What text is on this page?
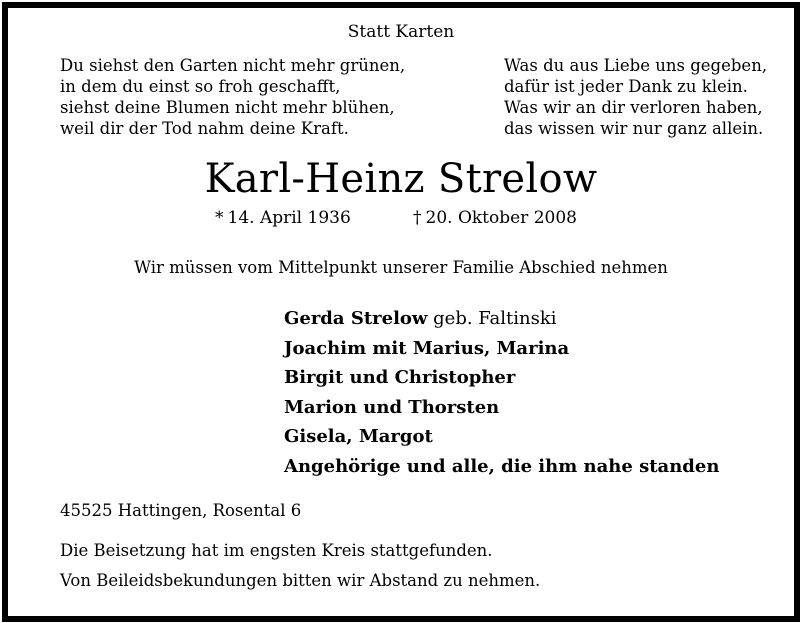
Statt Karten
Du siehst den Garten nicht mehr grünen,
in dem du einst so froh geschafft,
siehst deine Blumen nicht mehr blühen,
weil dir der Tod nahm deine Kraft.
Was du aus Liebe uns gegeben,
dafür ist jeder Dank zu klein.
Was wir an dir verloren haben,
das wissen wir nur ganz allein.
Karl-Heinz Strelow
* 14. April 1936	† 20. Oktober 2008
Wir müssen vom Mittelpunkt unserer Familie Abschied nehmen
Gerda Strelow geb. Faltinski
Joachim mit Marius, Marina
Birgit und Christopher
Marion und Thorsten
Gisela, Margot
Angehörige und alle, die ihm nahe standen
45525 Hattingen, Rosental 6
Die Beisetzung hat im engsten Kreis stattgefunden.
Von Beileidsbekundungen bitten wir Abstand zu nehmen.
